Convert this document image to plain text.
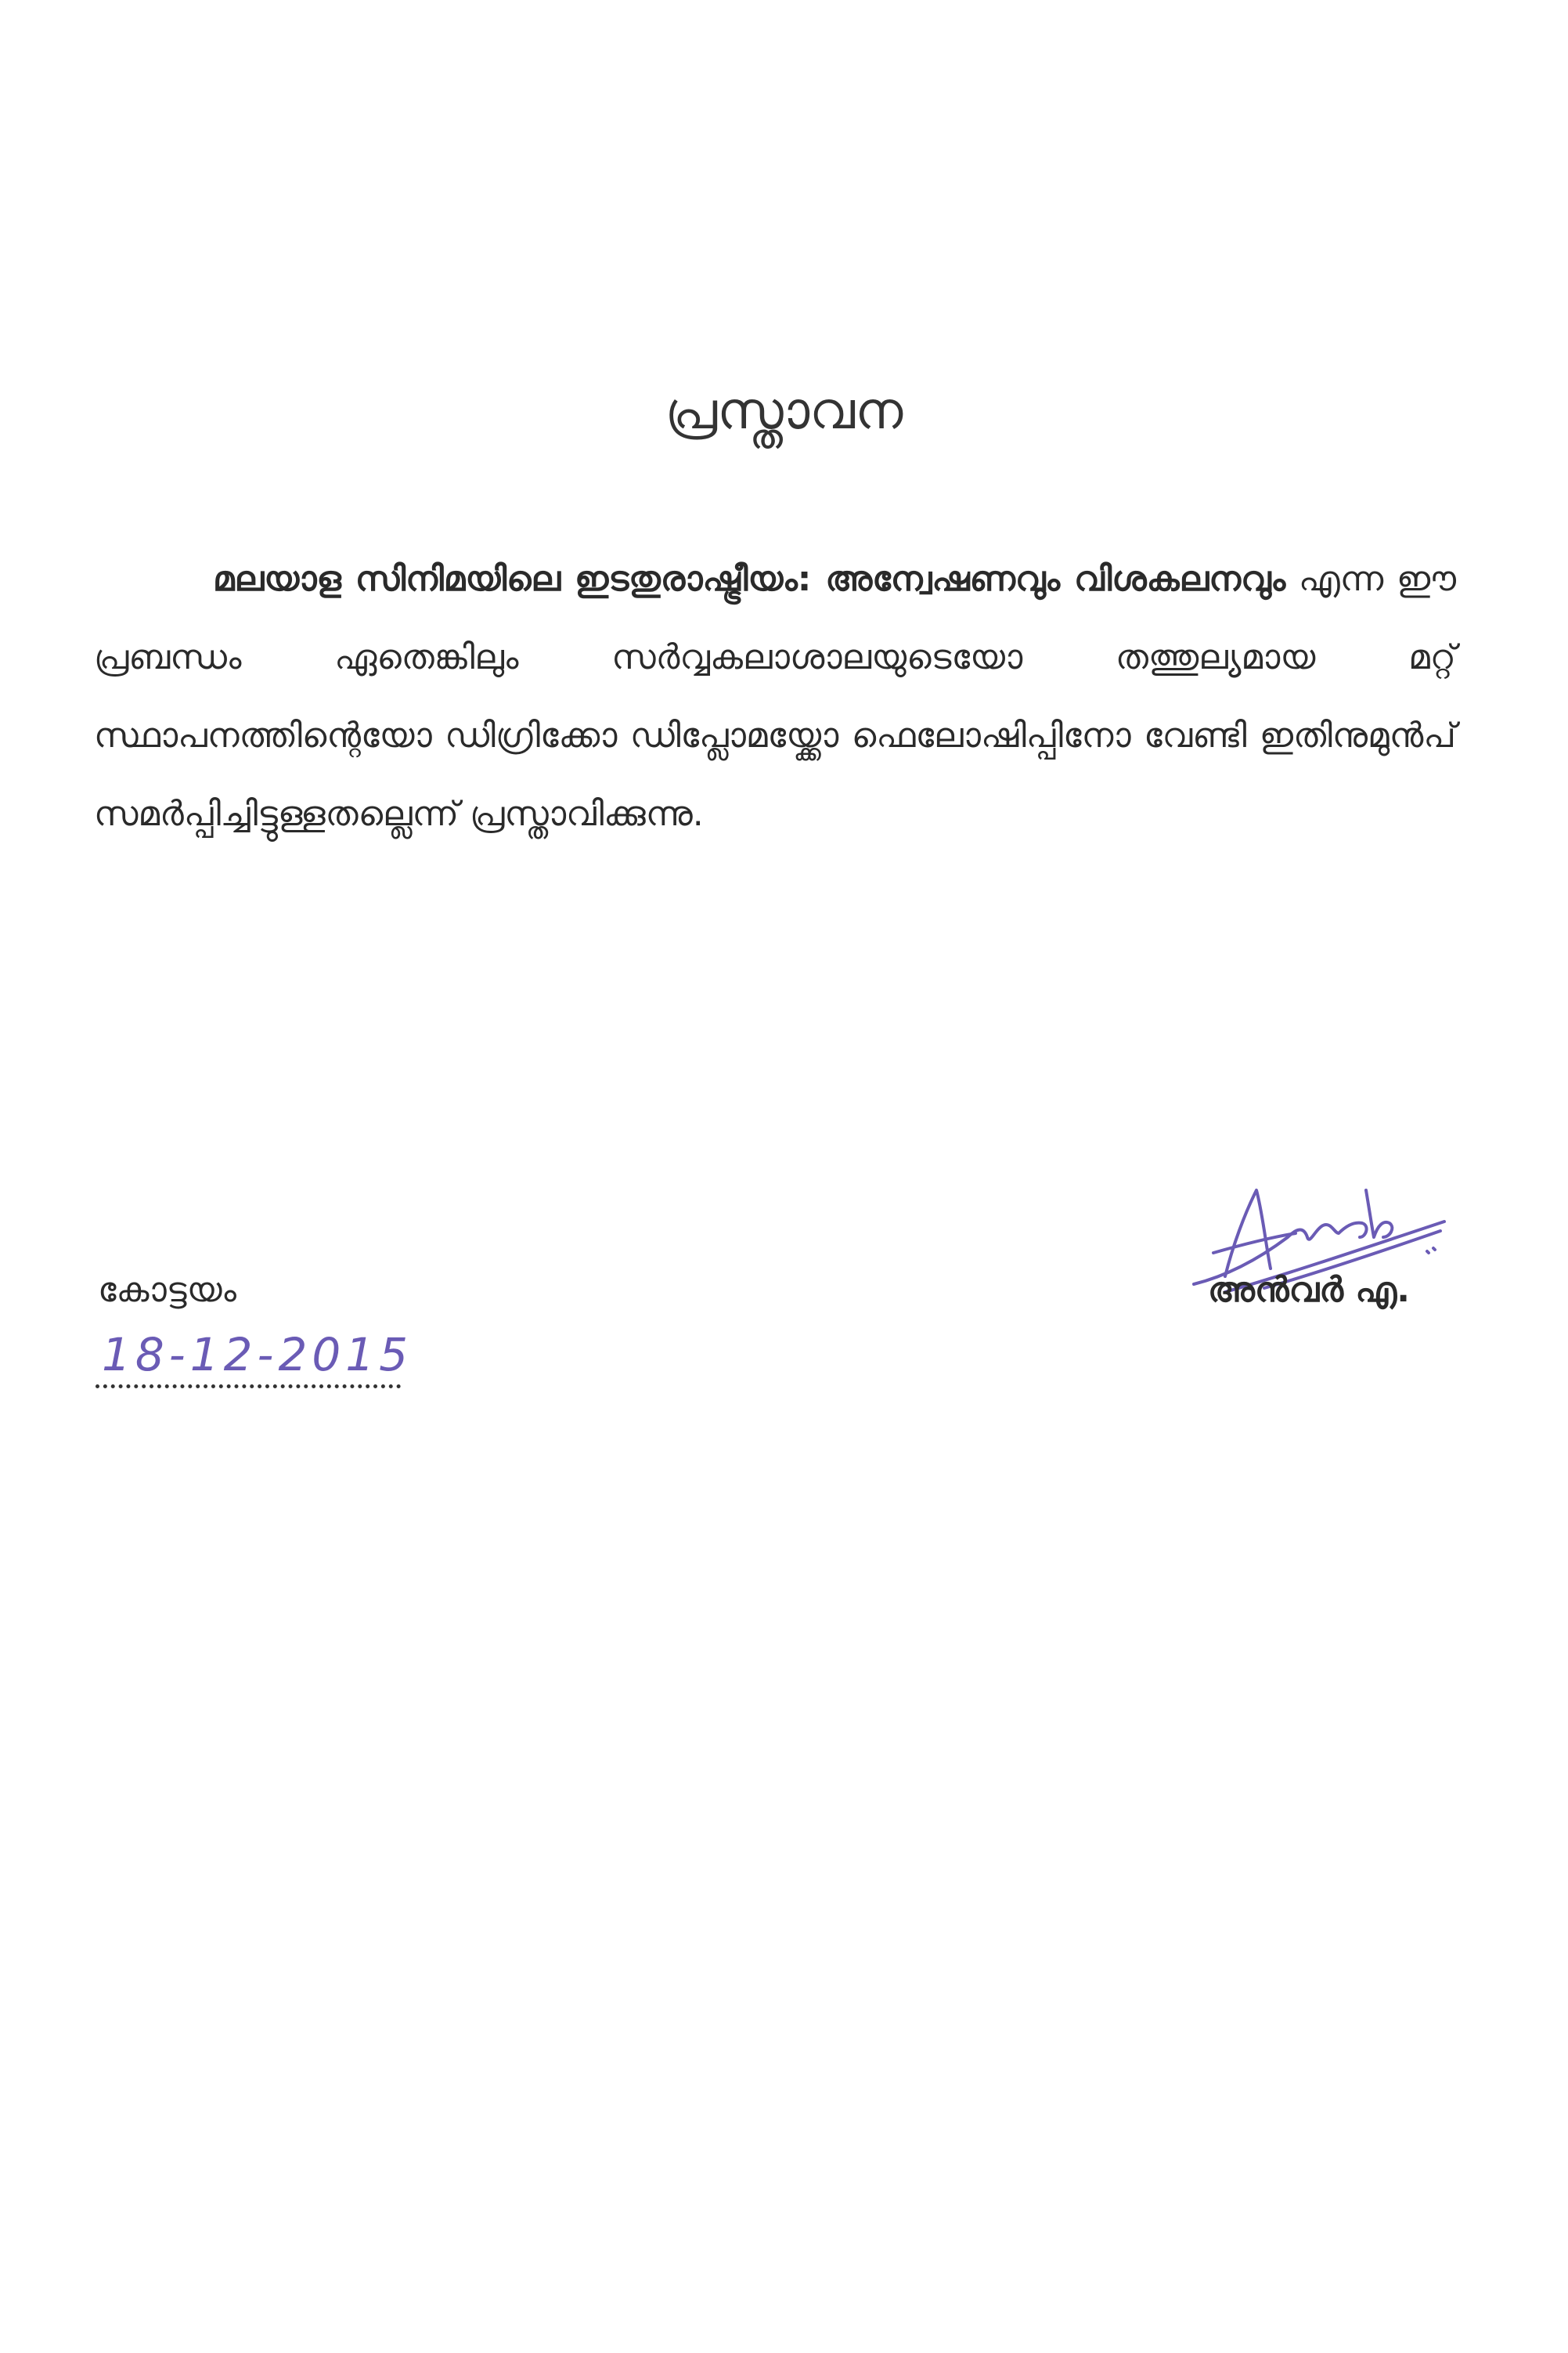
പ്രസ്താവന

മലയാള സിനിമയിലെ ഇടതുരാഷ്ട്രീയം: അന്വേഷണവും വിശകലനവും എന്ന ഈ പ്രബന്ധം ഏതെങ്കിലും സർവ്വകലാശാലയുടെയോ തത്തുല്യമായ മറ്റ് സ്ഥാപനത്തിന്റെയോ ഡിഗ്രിക്കോ ഡിപ്ലോമയ്ക്കോ ഫെലോഷിപ്പിനോ വേണ്ടി ഇതിനുമുൻപ് സമർപ്പിച്ചിട്ടുള്ളതല്ലെന്ന് പ്രസ്താവിക്കുന്നു.

കോട്ടയം	അൻവർ എ.
18-12-2015
